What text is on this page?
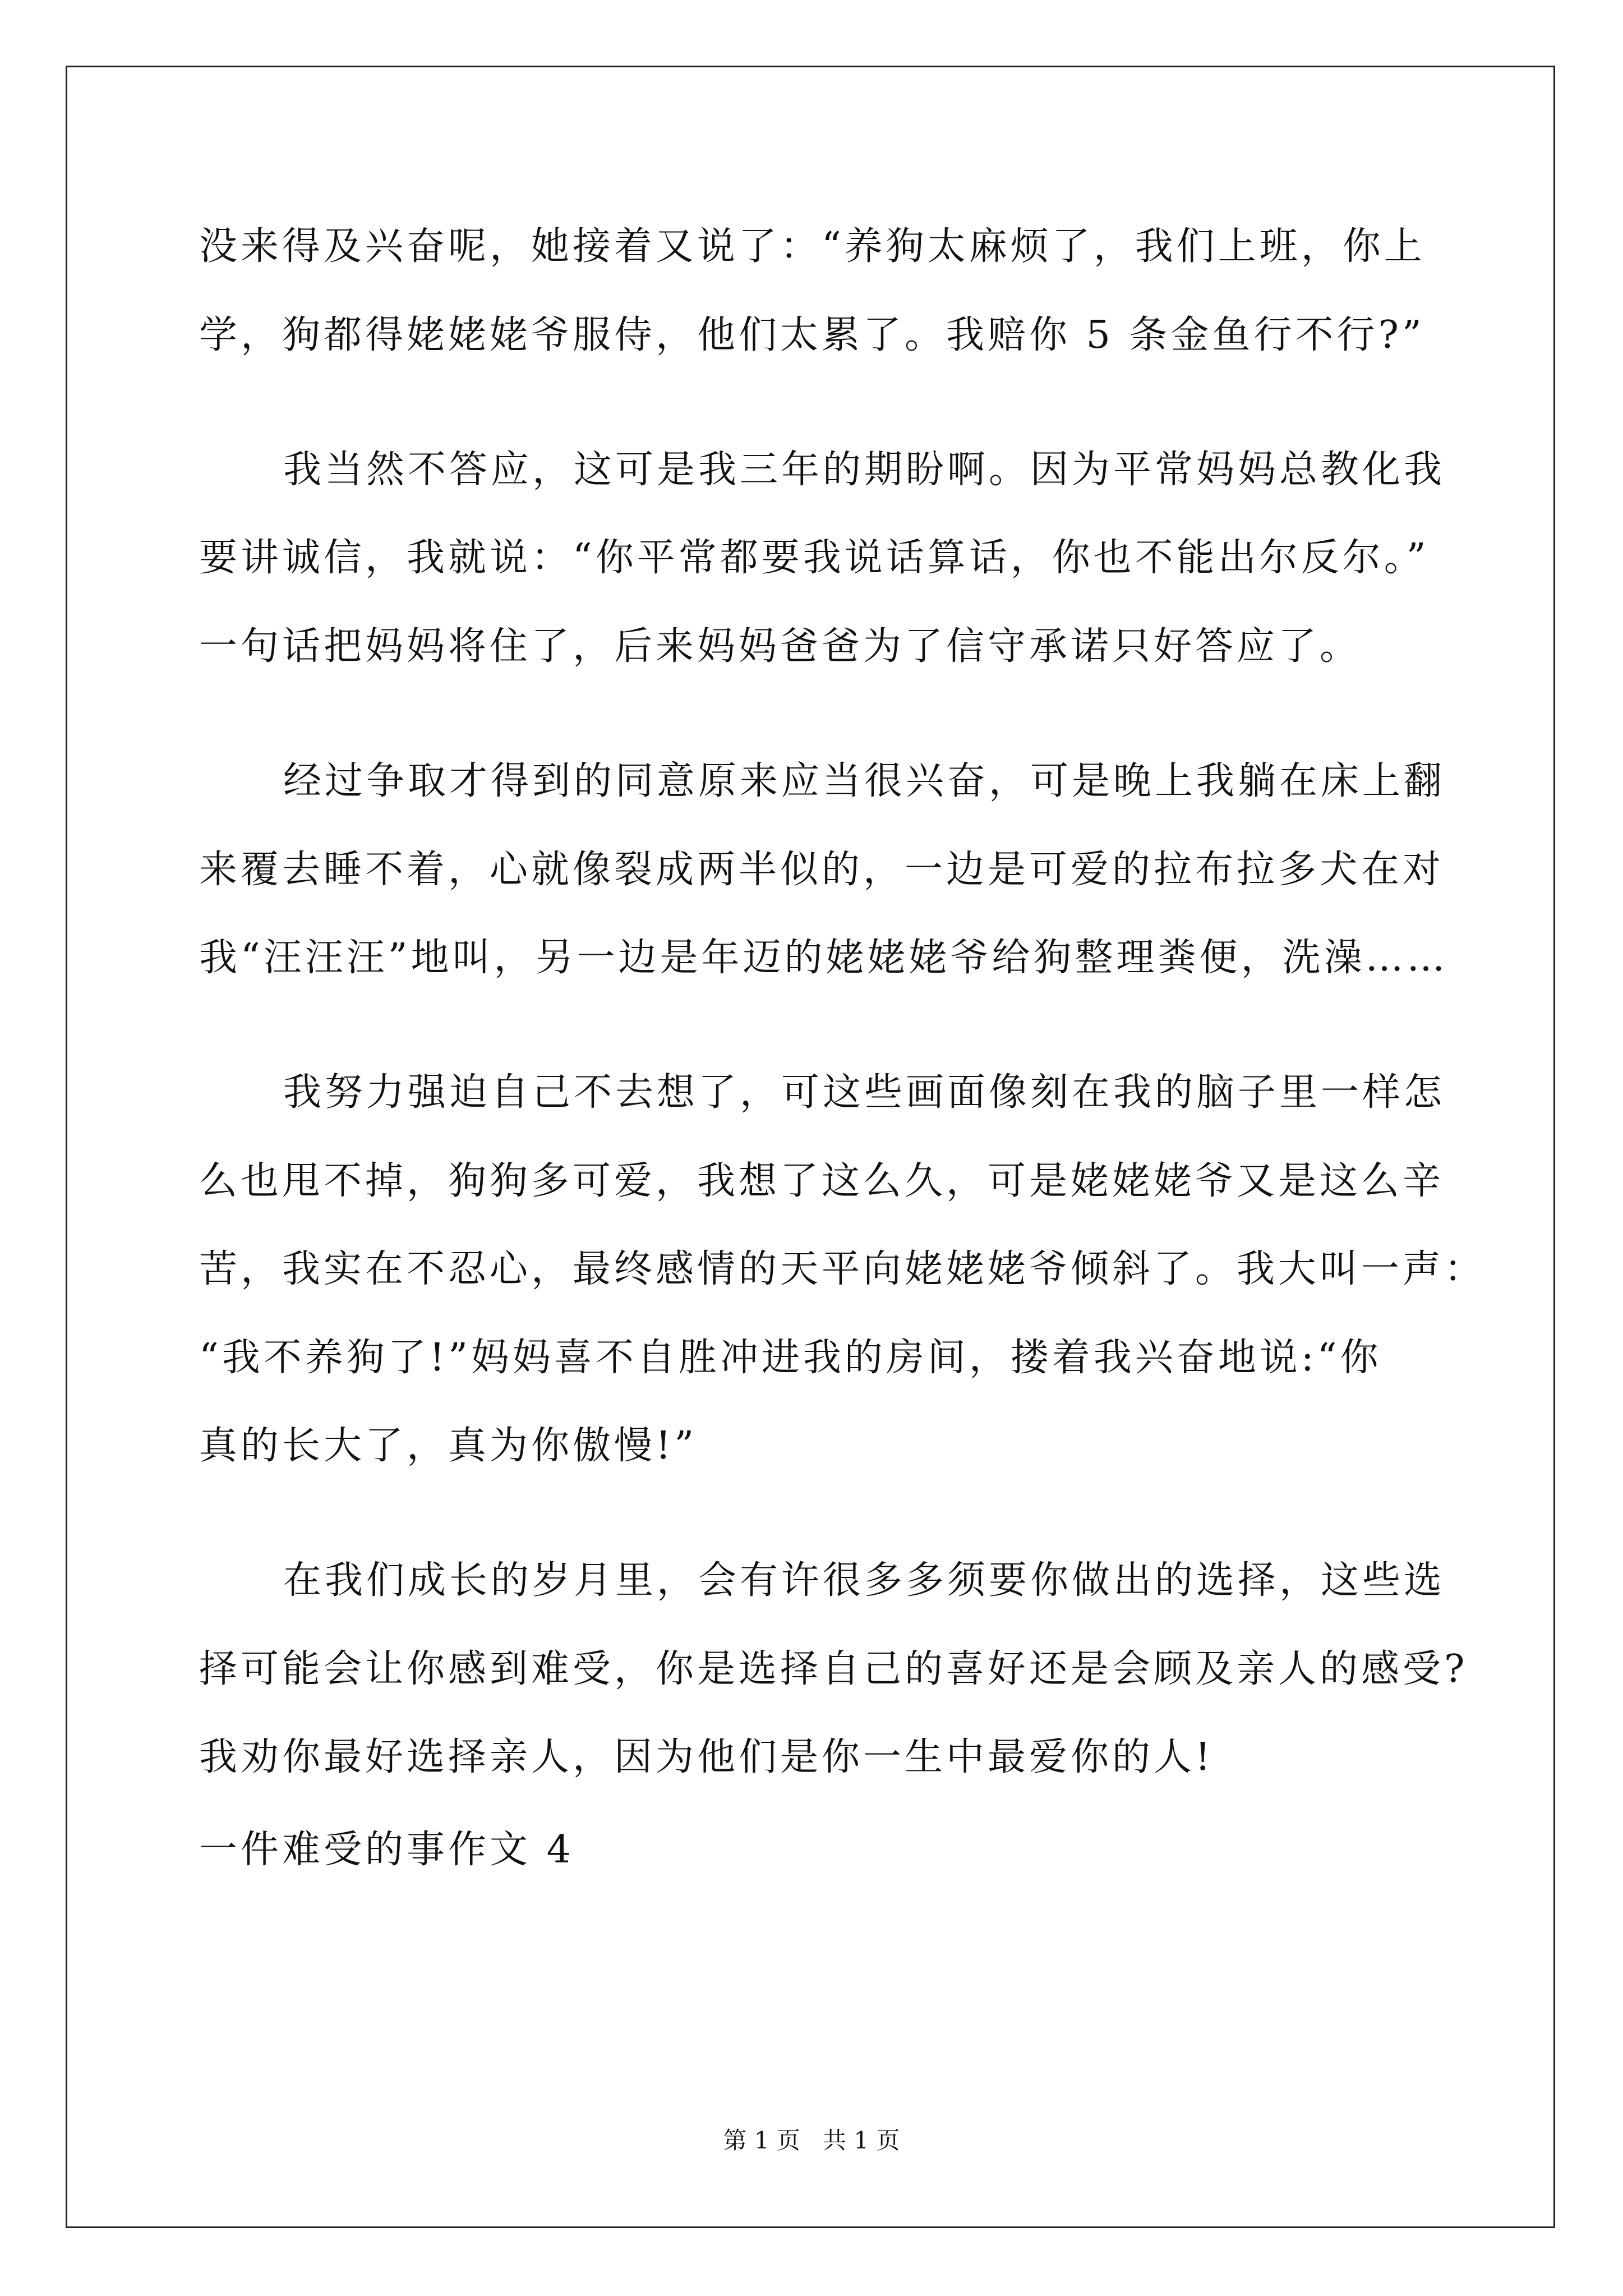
没来得及兴奋呢，她接着又说了：“养狗太麻烦了，我们上班，你上
学，狗都得姥姥姥爷服侍，他们太累了。我赔你 5 条金鱼行不行?”
我当然不答应，这可是我三年的期盼啊。因为平常妈妈总教化我
要讲诚信，我就说：“你平常都要我说话算话，你也不能出尔反尔。”
一句话把妈妈将住了，后来妈妈爸爸为了信守承诺只好答应了。
经过争取才得到的同意原来应当很兴奋，可是晚上我躺在床上翻
来覆去睡不着，心就像裂成两半似的，一边是可爱的拉布拉多犬在对
我“汪汪汪”地叫，另一边是年迈的姥姥姥爷给狗整理粪便，洗澡……
我努力强迫自己不去想了，可这些画面像刻在我的脑子里一样怎
么也甩不掉，狗狗多可爱，我想了这么久，可是姥姥姥爷又是这么辛
苦，我实在不忍心，最终感情的天平向姥姥姥爷倾斜了。我大叫一声：
“我不养狗了!”妈妈喜不自胜冲进我的房间，搂着我兴奋地说:“你
真的长大了，真为你傲慢!”
在我们成长的岁月里，会有许很多多须要你做出的选择，这些选
择可能会让你感到难受，你是选择自己的喜好还是会顾及亲人的感受?
我劝你最好选择亲人，因为他们是你一生中最爱你的人!
一件难受的事作文 4
第 1 页   共 1 页
